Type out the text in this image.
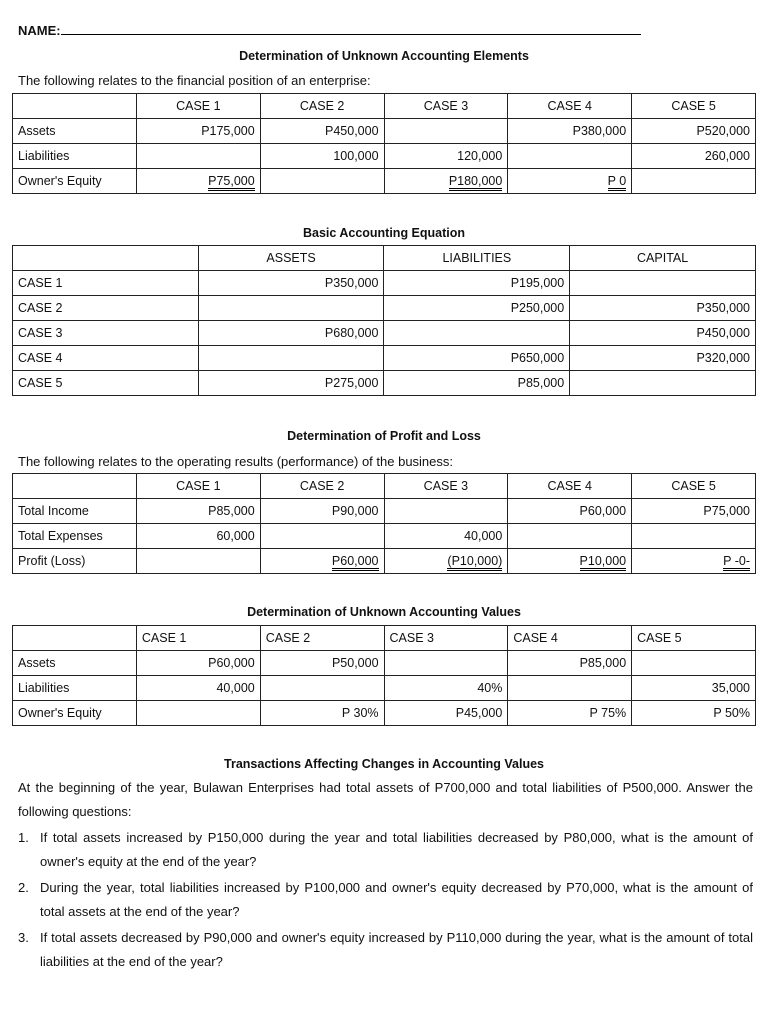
NAME:
Determination of Unknown Accounting Elements
The following relates to the financial position of an enterprise:
	CASE 1	CASE 2	CASE 3	CASE 4	CASE 5
Assets	P175,000	P450,000		P380,000	P520,000
Liabilities		100,000	120,000		260,000
Owner's Equity	P75,000		P180,000	P 0	
Basic Accounting Equation
	ASSETS	LIABILITIES	CAPITAL
CASE 1	P350,000	P195,000	
CASE 2		P250,000	P350,000
CASE 3	P680,000		P450,000
CASE 4		P650,000	P320,000
CASE 5	P275,000	P85,000	
Determination of Profit and Loss
The following relates to the operating results (performance) of the business:
	CASE 1	CASE 2	CASE 3	CASE 4	CASE 5
Total Income	P85,000	P90,000		P60,000	P75,000
Total Expenses	60,000		40,000		
Profit (Loss)		P60,000	(P10,000)	P10,000	P -0-
Determination of Unknown Accounting Values
	CASE 1	CASE 2	CASE 3	CASE 4	CASE 5
Assets	P60,000	P50,000		P85,000	
Liabilities	40,000		40%		35,000
Owner's Equity		P 30%	P45,000	P 75%	P 50%
Transactions Affecting Changes in Accounting Values
At the beginning of the year, Bulawan Enterprises had total assets of P700,000 and total liabilities of P500,000. Answer the following questions:
1. If total assets increased by P150,000 during the year and total liabilities decreased by P80,000, what is the amount of owner's equity at the end of the year?
2. During the year, total liabilities increased by P100,000 and owner's equity decreased by P70,000, what is the amount of total assets at the end of the year?
3. If total assets decreased by P90,000 and owner's equity increased by P110,000 during the year, what is the amount of total liabilities at the end of the year?
